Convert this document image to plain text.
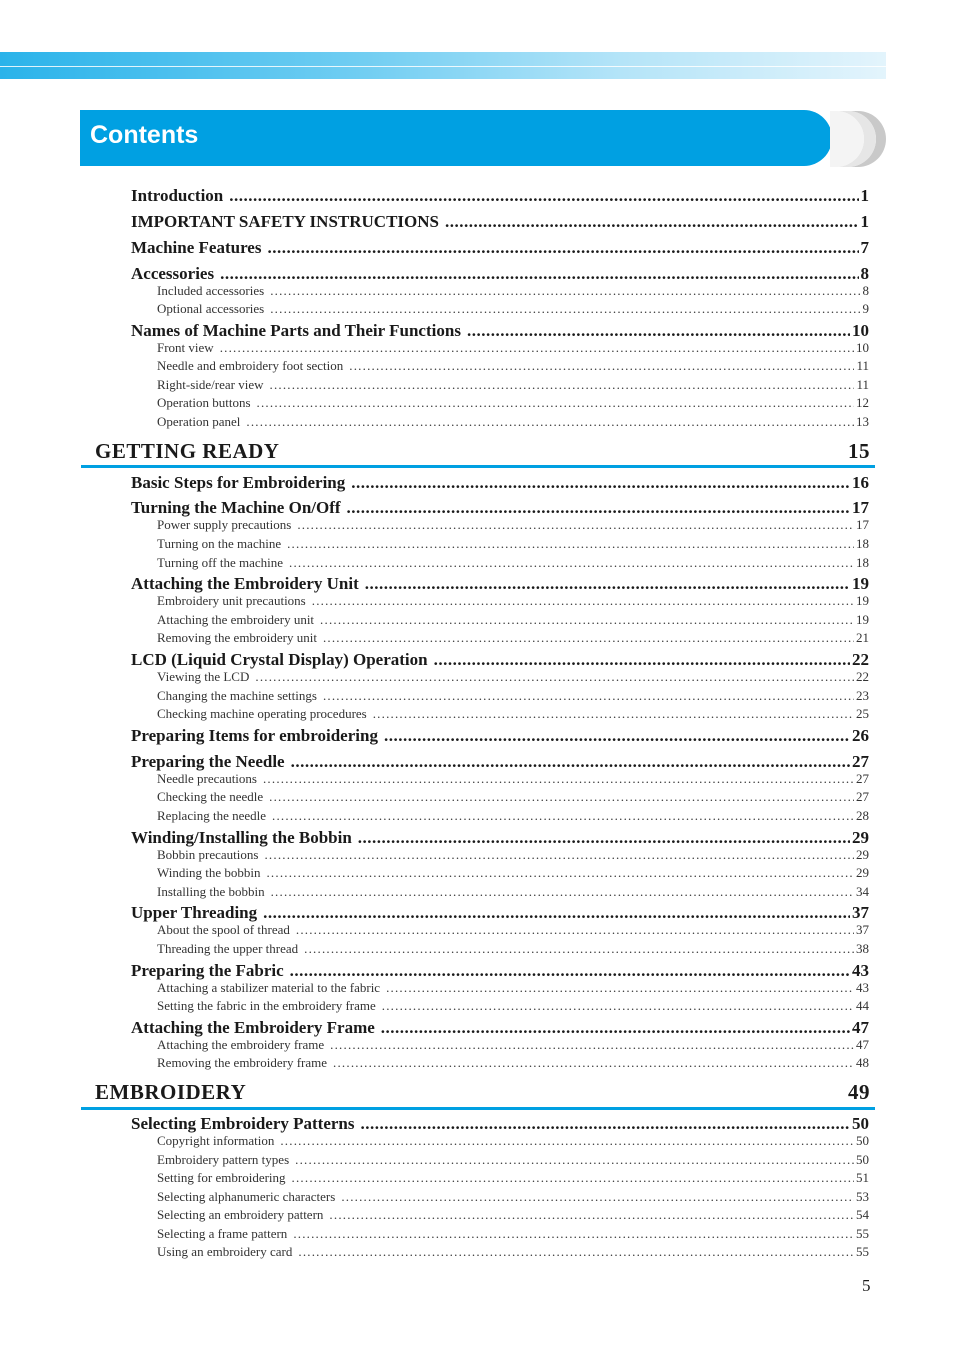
Contents
Introduction .....	1
IMPORTANT SAFETY INSTRUCTIONS .....	1
Machine Features .....	7
Accessories .....	8
Included accessories .....	8
Optional accessories .....	9
Names of Machine Parts and Their Functions .....	10
Front view .....	10
Needle and embroidery foot section .....	11
Right-side/rear view .....	11
Operation buttons .....	12
Operation panel .....	13
GETTING READY	15
Basic Steps for Embroidering .....	16
Turning the Machine On/Off .....	17
Power supply precautions .....	17
Turning on the machine .....	18
Turning off the machine .....	18
Attaching the Embroidery Unit .....	19
Embroidery unit precautions .....	19
Attaching the embroidery unit .....	19
Removing the embroidery unit .....	21
LCD (Liquid Crystal Display) Operation .....	22
Viewing the LCD .....	22
Changing the machine settings .....	23
Checking machine operating procedures .....	25
Preparing Items for embroidering .....	26
Preparing the Needle .....	27
Needle precautions .....	27
Checking the needle .....	27
Replacing the needle .....	28
Winding/Installing the Bobbin .....	29
Bobbin precautions .....	29
Winding the bobbin .....	29
Installing the bobbin .....	34
Upper Threading .....	37
About the spool of thread .....	37
Threading the upper thread .....	38
Preparing the Fabric .....	43
Attaching a stabilizer material to the fabric .....	43
Setting the fabric in the embroidery frame .....	44
Attaching the Embroidery Frame .....	47
Attaching the embroidery frame .....	47
Removing the embroidery frame .....	48
EMBROIDERY	49
Selecting Embroidery Patterns .....	50
Copyright information .....	50
Embroidery pattern types .....	50
Setting for embroidering .....	51
Selecting alphanumeric characters .....	53
Selecting an embroidery pattern .....	54
Selecting a frame pattern .....	55
Using an embroidery card .....	55
5
